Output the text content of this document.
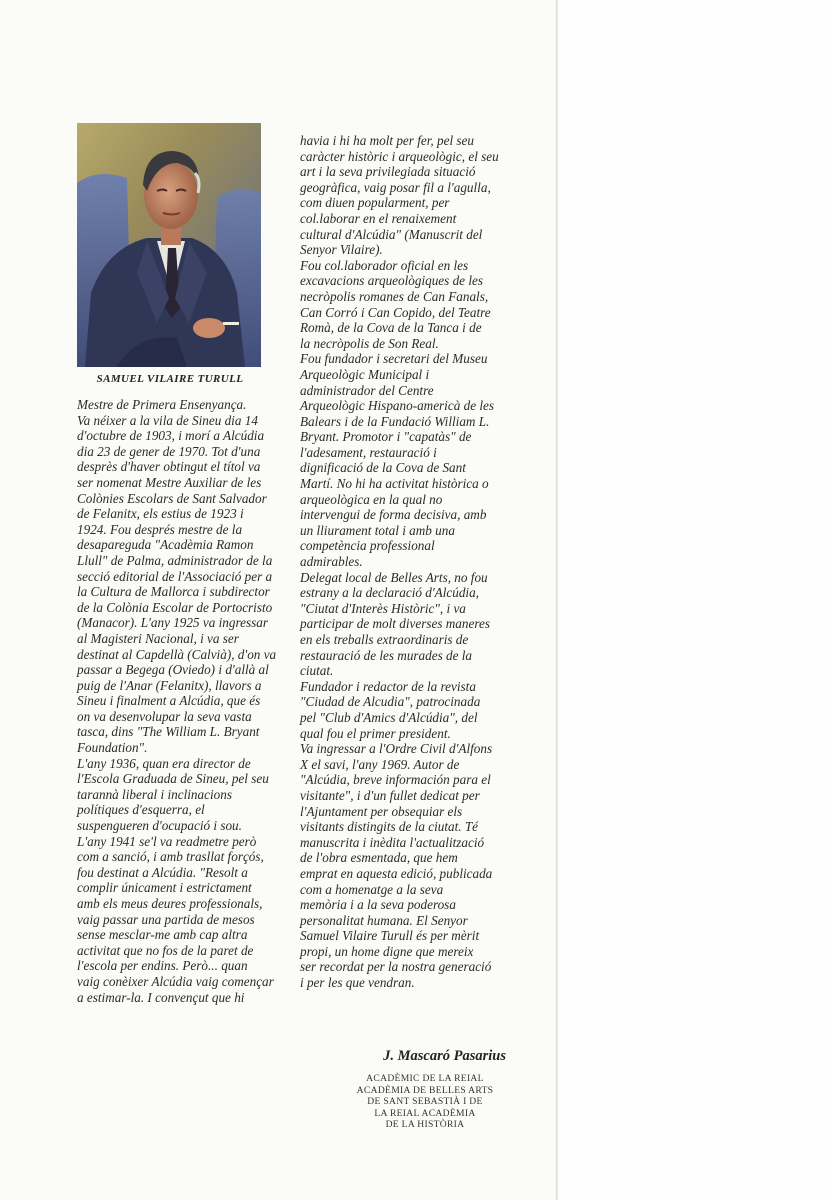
SAMUEL VILAIRE TURULL
Mestre de Primera Ensenyança.
Va néixer a la vila de Sineu dia 14
d'octubre de 1903, i morí a Alcúdia
dia 23 de gener de 1970. Tot d'una
desprès d'haver obtingut el títol va
ser nomenat Mestre Auxiliar de les
Colònies Escolars de Sant Salvador
de Felanitx, els estius de 1923 i
1924. Fou després mestre de la
desapareguda "Acadèmia Ramon
Llull" de Palma, administrador de la
secció editorial de l'Associació per a
la Cultura de Mallorca i subdirector
de la Colònia Escolar de Portocristo
(Manacor). L'any 1925 va ingressar
al Magisteri Nacional, i va ser
destinat al Capdellà (Calvià), d'on va
passar a Begega (Oviedo) i d'allà al
puig de l'Anar (Felanitx), llavors a
Sineu i finalment a Alcúdia, que és
on va desenvolupar la seva vasta
tasca, dins "The William L. Bryant
Foundation".
L'any 1936, quan era director de
l'Escola Graduada de Sineu, pel seu
tarannà liberal i inclinacions
polítiques d'esquerra, el
suspengueren d'ocupació i sou.
L'any 1941 se'l va readmetre però
com a sanció, i amb trasllat forçós,
fou destinat a Alcúdia. "Resolt a
complir únicament i estrictament
amb els meus deures professionals,
vaig passar una partida de mesos
sense mesclar-me amb cap altra
activitat que no fos de la paret de
l'escola per endins. Però... quan
vaig conèixer Alcúdia vaig començar
a estimar-la. I convençut que hi
havia i hi ha molt per fer, pel seu
caràcter històric i arqueològic, el seu
art i la seva privilegiada situació
geogràfica, vaig posar fil a l'agulla,
com diuen popularment, per
col.laborar en el renaixement
cultural d'Alcúdia" (Manuscrit del
Senyor Vilaire).
Fou col.laborador oficial en les
excavacions arqueològiques de les
necròpolis romanes de Can Fanals,
Can Corró i Can Copido, del Teatre
Romà, de la Cova de la Tanca i de
la necròpolis de Son Real.
Fou fundador i secretari del Museu
Arqueològic Municipal i
administrador del Centre
Arqueològic Hispano-americà de les
Balears i de la Fundació William L.
Bryant. Promotor i "capatàs" de
l'adesament, restauració i
dignificació de la Cova de Sant
Martí. No hi ha activitat històrica o
arqueològica en la qual no
intervengui de forma decisiva, amb
un lliurament total i amb una
competència professional
admirables.
Delegat local de Belles Arts, no fou
estrany a la declaració d'Alcúdia,
"Ciutat d'Interès Històric", i va
participar de molt diverses maneres
en els treballs extraordinaris de
restauració de les murades de la
ciutat.
Fundador i redactor de la revista
"Ciudad de Alcudia", patrocinada
pel "Club d'Amics d'Alcúdia", del
qual fou el primer president.
Va ingressar a l'Ordre Civil d'Alfons
X el savi, l'any 1969. Autor de
"Alcúdia, breve información para el
visitante", i d'un fullet dedicat per
l'Ajuntament per obsequiar els
visitants distingits de la ciutat. Té
manuscrita i inèdita l'actualització
de l'obra esmentada, que hem
emprat en aquesta edició, publicada
com a homenatge a la seva
memòria i a la seva poderosa
personalitat humana. El Senyor
Samuel Vilaire Turull és per mèrit
propi, un home digne que mereix
ser recordat per la nostra generació
i per les que vendran.
J. Mascaró Pasarius
ACADÈMIC DE LA REIAL
ACADÈMIA DE BELLES ARTS
DE SANT SEBASTIÀ I DE
LA REIAL ACADÈMIA
DE LA HISTÒRIA
